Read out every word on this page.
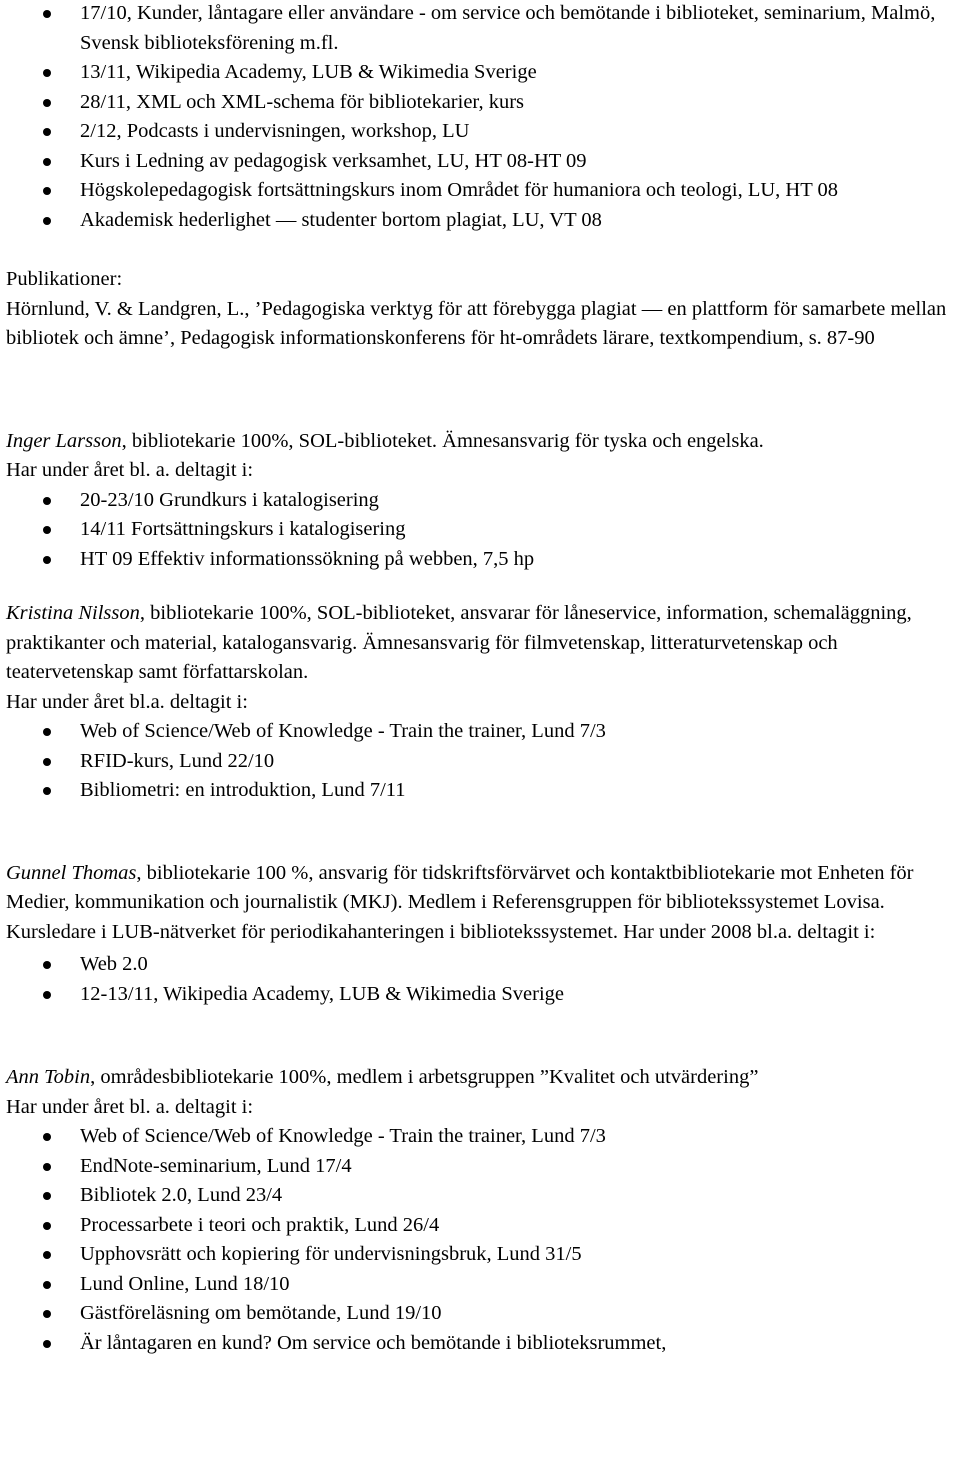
17/10, Kunder, låntagare eller användare - om service och bemötande i biblioteket, seminarium, Malmö, Svensk biblioteksförening m.fl.
13/11, Wikipedia Academy, LUB & Wikimedia Sverige
28/11, XML och XML-schema för bibliotekarier, kurs
2/12, Podcasts i undervisningen, workshop, LU
Kurs i Ledning av pedagogisk verksamhet, LU, HT 08-HT 09
Högskolepedagogisk fortsättningskurs inom Området för humaniora och teologi, LU, HT 08
Akademisk hederlighet — studenter bortom plagiat, LU, VT 08

Publikationer:

Hörnlund, V. & Landgren, L., ’Pedagogiska verktyg för att förebygga plagiat — en plattform för samarbete mellan bibliotek och ämne’, Pedagogisk informationskonferens för ht-områdets lärare, textkompendium, s. 87-90

Inger Larsson, bibliotekarie 100%, SOL-biblioteket. Ämnesansvarig för tyska och engelska.

Har under året bl. a. deltagit i:

20-23/10 Grundkurs i katalogisering
14/11 Fortsättningskurs i katalogisering
HT 09 Effektiv informationssökning på webben, 7,5 hp

Kristina Nilsson, bibliotekarie 100%, SOL-biblioteket, ansvarar för låneservice, information, schemaläggning, praktikanter och material, katalogansvarig. Ämnesansvarig för filmvetenskap, litteraturvetenskap och teatervetenskap samt författarskolan.

Har under året bl.a. deltagit i:

Web of Science/Web of Knowledge - Train the trainer, Lund 7/3
RFID-kurs, Lund 22/10
Bibliometri: en introduktion, Lund 7/11

Gunnel Thomas, bibliotekarie 100 %, ansvarig för tidskriftsförvärvet och kontaktbibliotekarie mot Enheten för Medier, kommunikation och journalistik (MKJ). Medlem i Referensgruppen för bibliotekssystemet Lovisa. Kursledare i LUB-nätverket för periodikahanteringen i bibliotekssystemet. Har under 2008 bl.a. deltagit i:

Web 2.0
12-13/11, Wikipedia Academy, LUB & Wikimedia Sverige

Ann Tobin, områdesbibliotekarie 100%, medlem i arbetsgruppen ”Kvalitet och utvärdering”

Har under året bl. a. deltagit i:

Web of Science/Web of Knowledge - Train the trainer, Lund 7/3
EndNote-seminarium, Lund 17/4
Bibliotek 2.0, Lund 23/4
Processarbete i teori och praktik, Lund 26/4
Upphovsrätt och kopiering för undervisningsbruk, Lund 31/5
Lund Online, Lund 18/10
Gästföreläsning om bemötande, Lund 19/10
Är låntagaren en kund? Om service och bemötande i biblioteksrummet,
